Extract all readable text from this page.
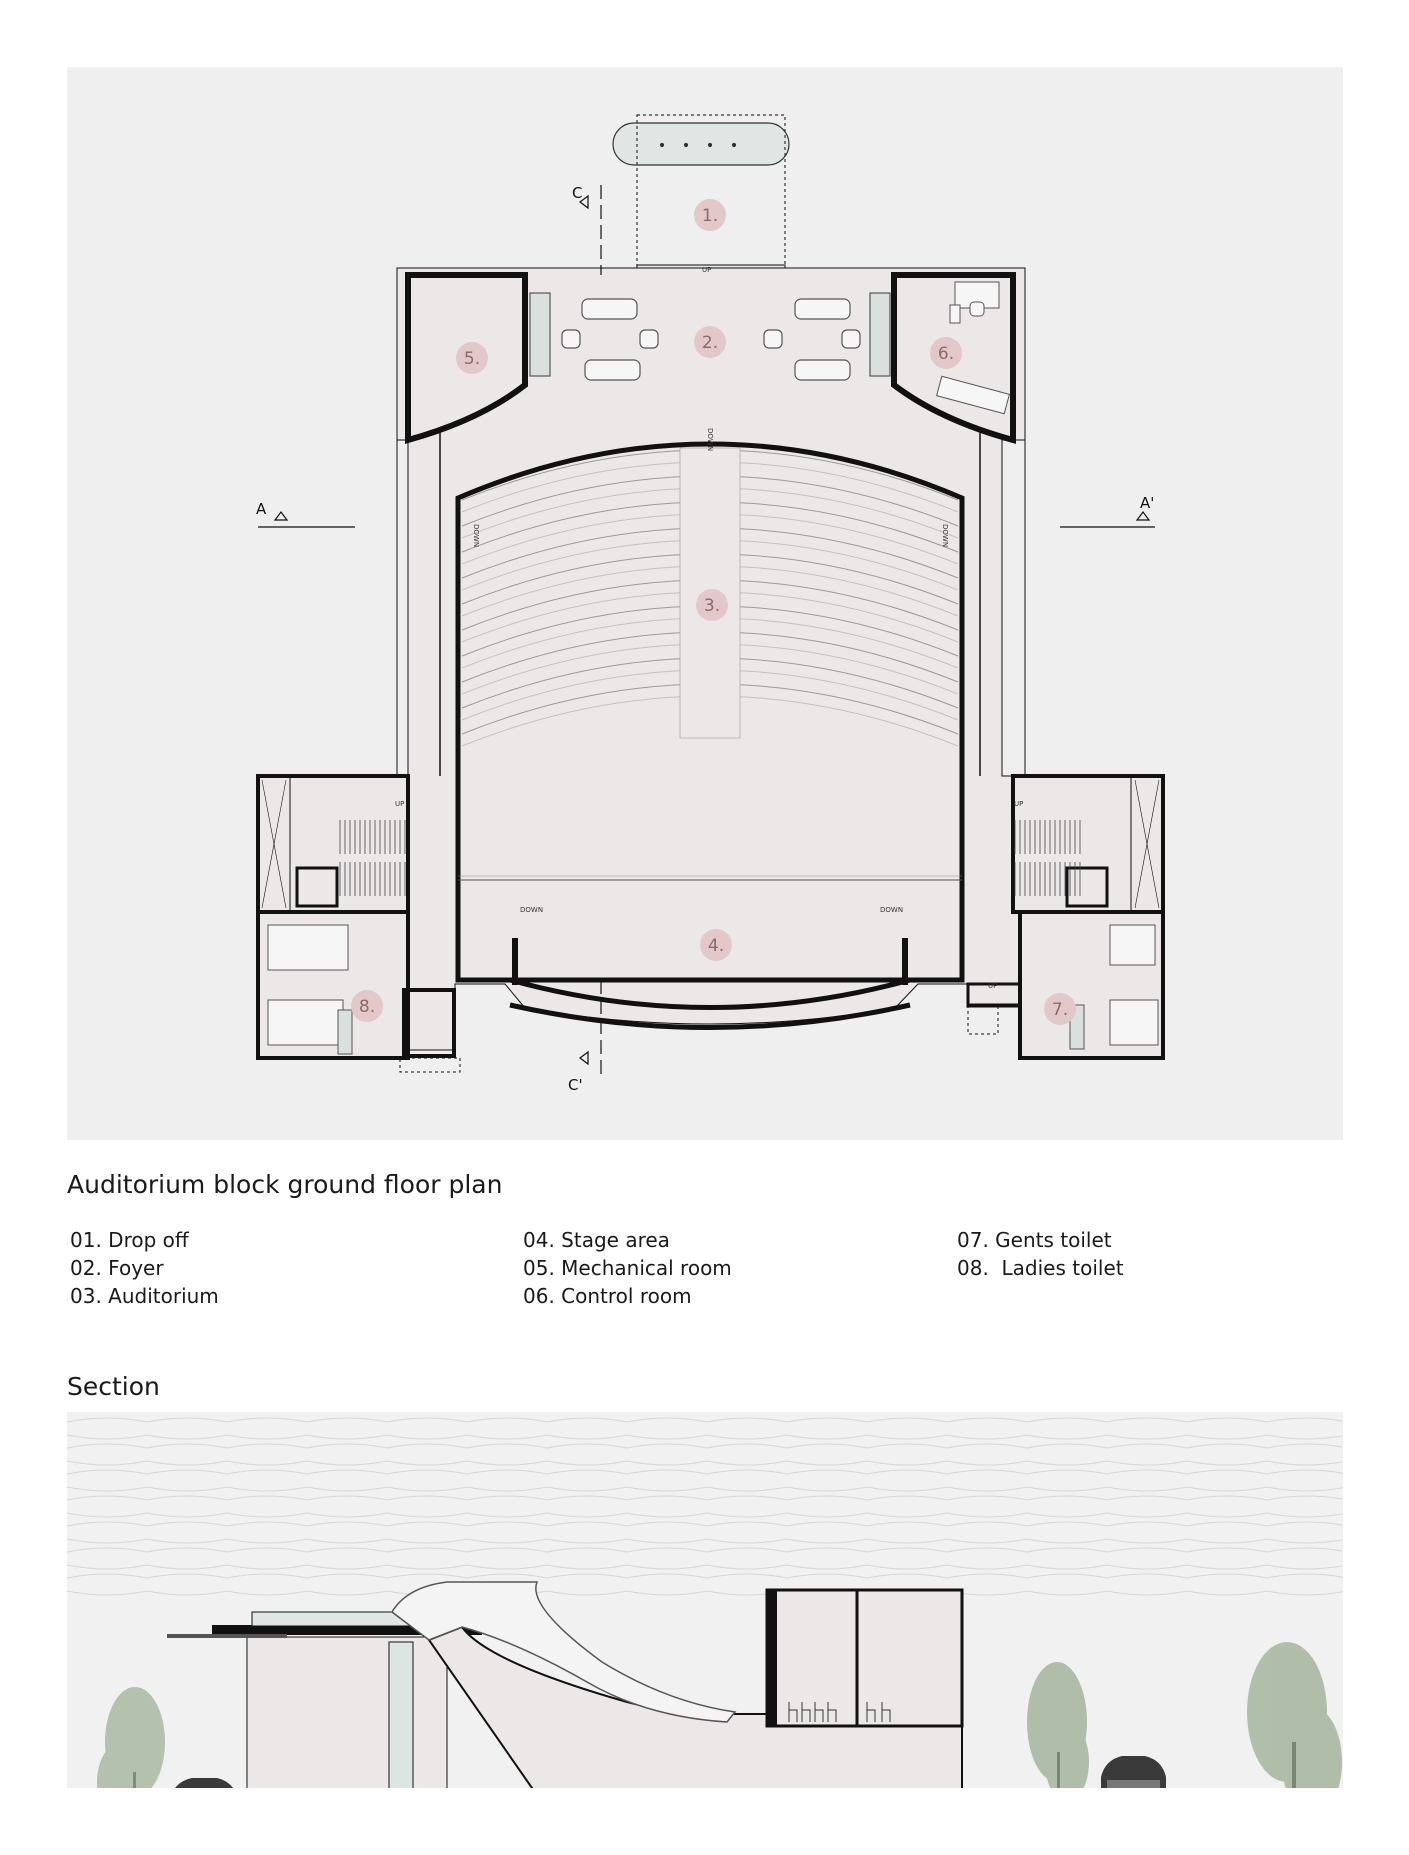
A	A'
C
C'
UP
DOWN
DOWN	DOWN
DOWN	DOWN
UP	UP
UP
1.
2.
3.
4.
5.	6.
7.
8.
Auditorium block ground floor plan
01. Drop off
02. Foyer
03. Auditorium
04. Stage area
05. Mechanical room
06. Control room
07. Gents toilet
08.  Ladies toilet
Section
